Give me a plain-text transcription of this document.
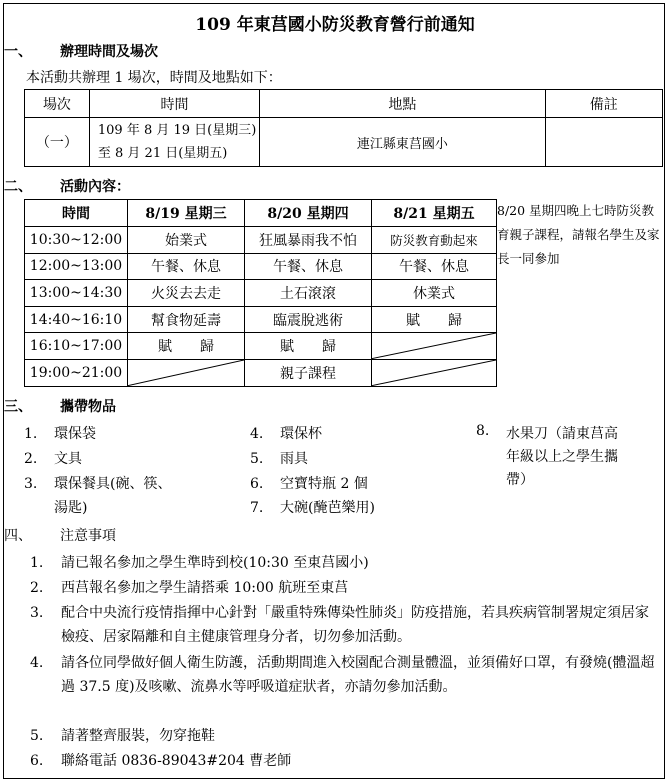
109 年東莒國小防災教育營行前通知
一、 辦理時間及場次
本活動共辦理 1 場次，時間及地點如下：
場次	時間	地點	備註
（一）	109 年 8 月 19 日(星期三)
至 8 月 21 日(星期五)	連江縣東莒國小	
二、 活動內容：
時間	8/19 星期三	8/20 星期四	8/21 星期五
10:30~12:00	始業式	狂風暴雨我不怕	防災教育動起來
12:00~13:00	午餐、休息	午餐、休息	午餐、休息
13:00~14:30	火災去去走	土石滾滾	休業式
14:40~16:10	幫食物延壽	臨震脫逃術	賦　　歸
16:10~17:00	賦　　歸	賦　　歸	

19:00~21:00		親子課程	
8/20 星期四晚上七時防災教育親子課程，請報名學生及家長一同參加
三、 攜帶物品
1. 環保袋
2. 文具
3. 環保餐具(碗、筷、
湯匙)
4. 環保杯
5. 雨具
6. 空寶特瓶 2 個
7. 大碗(醃芭樂用)
8. 水果刀（請東莒高
年級以上之學生攜
帶）
四、 注意事項
1. 請已報名參加之學生準時到校(10:30 至東莒國小)
2. 西莒報名參加之學生請搭乘 10:00 航班至東莒
3. 配合中央流行疫情指揮中心針對「嚴重特殊傳染性肺炎」防疫措施，若具疾病管制署規定須居家檢疫、居家隔離和自主健康管理身分者，切勿參加活動。
4. 請各位同學做好個人衛生防護，活動期間進入校園配合測量體溫，並須備好口罩，有發燒(體溫超過 37.5 度)及咳嗽、流鼻水等呼吸道症狀者，亦請勿參加活動。
5. 請著整齊服裝，勿穿拖鞋
6. 聯絡電話 0836-89043#204 曹老師
